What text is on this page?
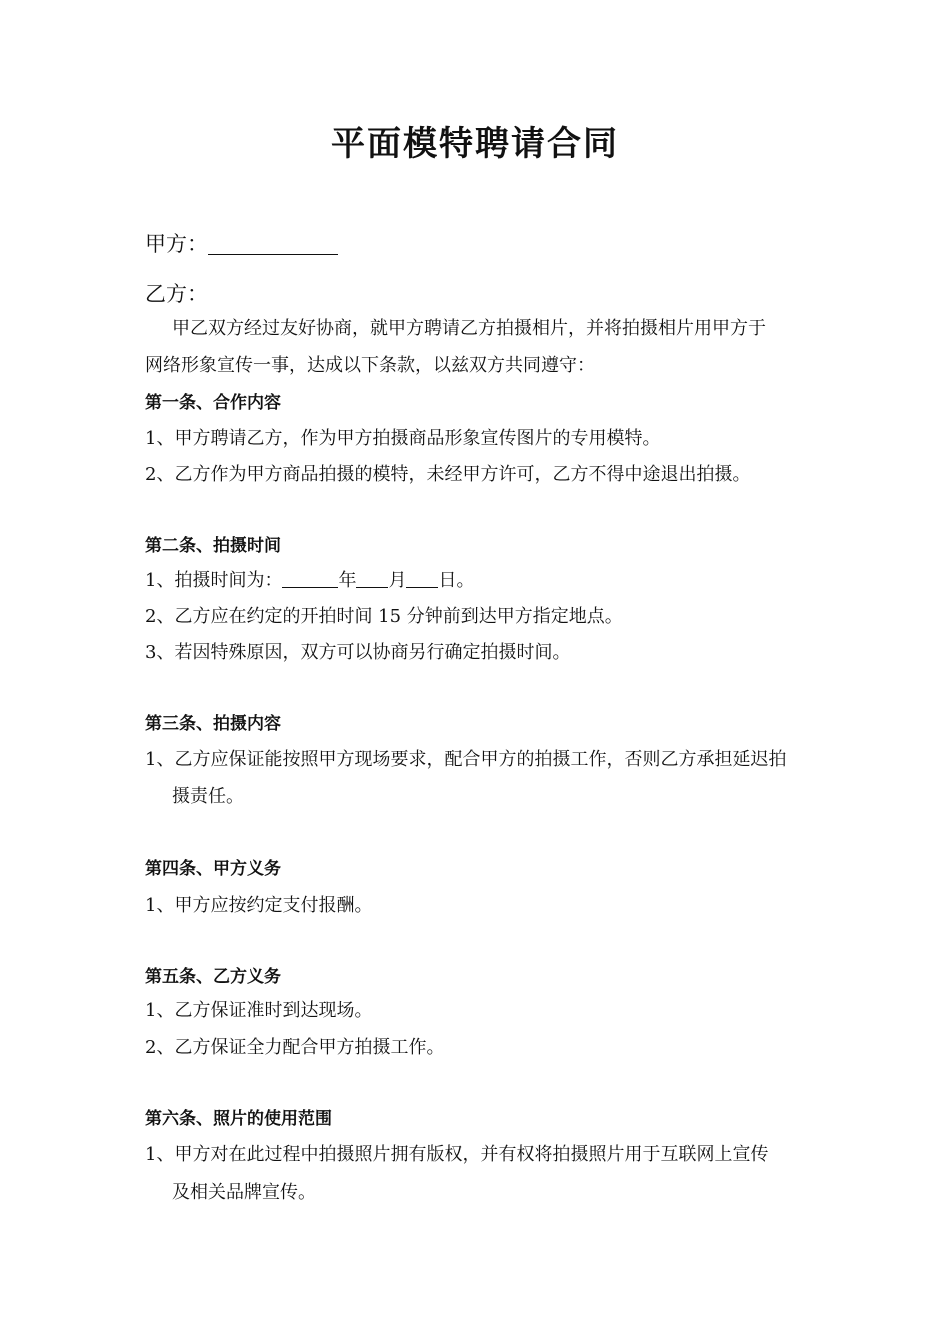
平面模特聘请合同
甲方：
乙方：
甲乙双方经过友好协商，就甲方聘请乙方拍摄相片，并将拍摄相片用甲方于
网络形象宣传一事，达成以下条款，以兹双方共同遵守：
第一条、合作内容
1、甲方聘请乙方，作为甲方拍摄商品形象宣传图片的专用模特。
2、乙方作为甲方商品拍摄的模特，未经甲方许可，乙方不得中途退出拍摄。
第二条、拍摄时间
1、拍摄时间为：	年 月 日。
2、乙方应在约定的开拍时间 15 分钟前到达甲方指定地点。
3、若因特殊原因，双方可以协商另行确定拍摄时间。
第三条、拍摄内容
1、乙方应保证能按照甲方现场要求，配合甲方的拍摄工作，否则乙方承担延迟拍
摄责任。
第四条、甲方义务
1、甲方应按约定支付报酬。
第五条、乙方义务
1、乙方保证准时到达现场。
2、乙方保证全力配合甲方拍摄工作。
第六条、照片的使用范围
1、甲方对在此过程中拍摄照片拥有版权，并有权将拍摄照片用于互联网上宣传
及相关品牌宣传。
